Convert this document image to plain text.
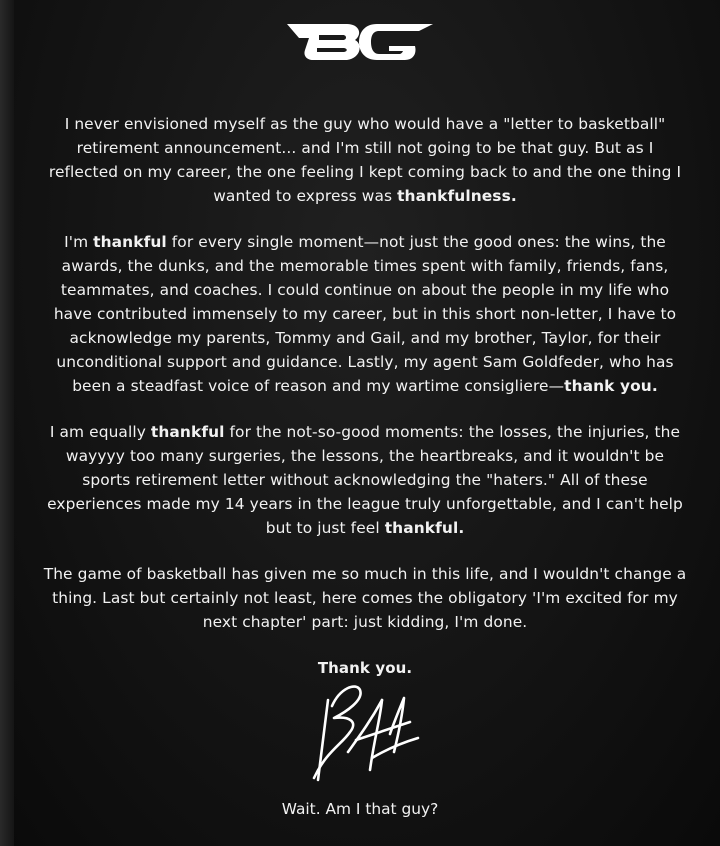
I never envisioned myself as the guy who would have a "letter to basketball" retirement announcement... and I'm still not going to be that guy. But as I reflected on my career, the one feeling I kept coming back to and the one thing I wanted to express was thankfulness.

I'm thankful for every single moment—not just the good ones: the wins, the awards, the dunks, and the memorable times spent with family, friends, fans, teammates, and coaches. I could continue on about the people in my life who have contributed immensely to my career, but in this short non-letter, I have to acknowledge my parents, Tommy and Gail, and my brother, Taylor, for their unconditional support and guidance. Lastly, my agent Sam Goldfeder, who has been a steadfast voice of reason and my wartime consigliere—thank you.

I am equally thankful for the not-so-good moments: the losses, the injuries, the wayyyy too many surgeries, the lessons, the heartbreaks, and it wouldn't be sports retirement letter without acknowledging the "haters." All of these experiences made my 14 years in the league truly unforgettable, and I can't help but to just feel thankful.

The game of basketball has given me so much in this life, and I wouldn't change a thing. Last but certainly not least, here comes the obligatory 'I'm excited for my next chapter' part: just kidding, I'm done.

Thank you.

Wait. Am I that guy?
